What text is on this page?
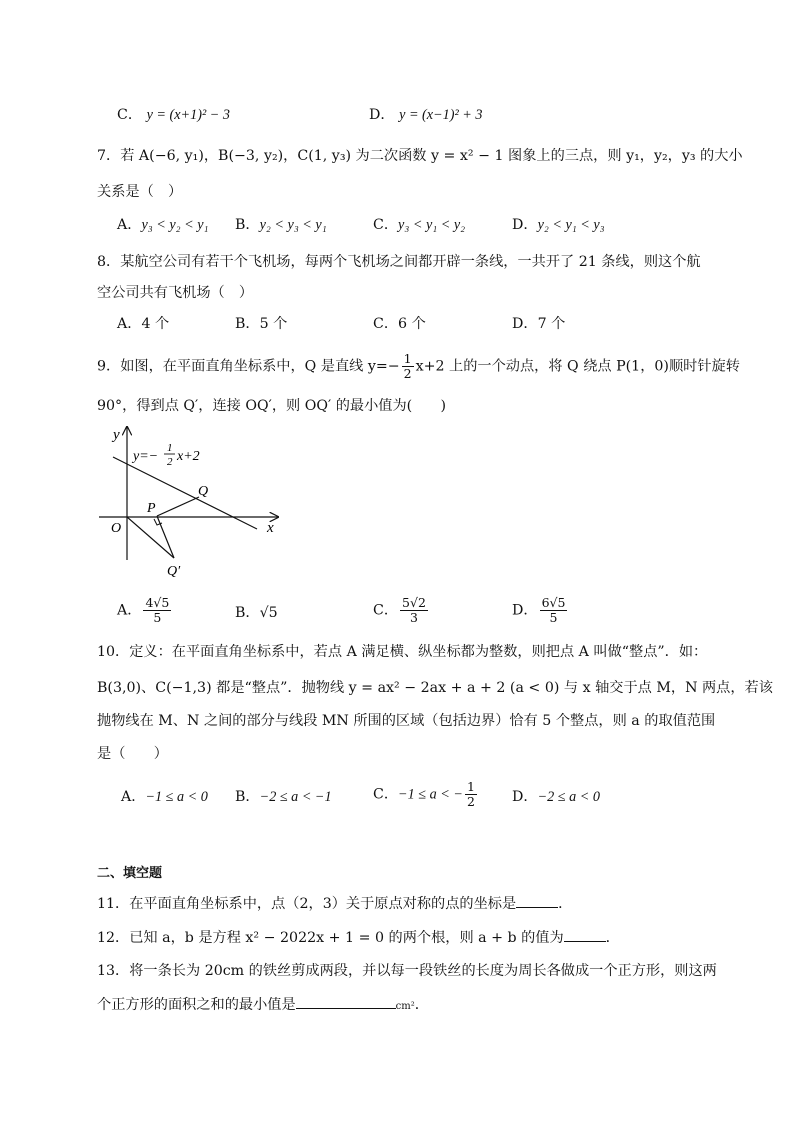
C． y = (x+1)² − 3	D． y = (x−1)² + 3
7．若 A(−6, y₁)，B(−3, y₂)，C(1, y₃) 为二次函数 y = x² − 1 图象上的三点，则 y₁，y₂，y₃ 的大小
关系是（　）
A．y₃ < y₂ < y₁ B．y₂ < y₃ < y₁	C．y₃ < y₁ < y₂	D．y₂ < y₁ < y₃
8．某航空公司有若干个飞机场，每两个飞机场之间都开辟一条线，一共开了 21 条线，则这个航
空公司共有飞机场（　）
A．4 个	B．5 个	C．6 个	D．7 个
9．如图，在平面直角坐标系中，Q 是直线 $y=- \frac{1}{2} x+2$ 上的一个动点，将 Q 绕点 P(1，0)顺时针旋转
90°，得到点 Q′，连接 OQ′，则 OQ′ 的最小值为(　　)
y
x
O
P
Q
Q′
y=−
1
2 x+2
A． $\frac{4√5}{5}$	B．√5	C． $\frac{5√2}{3}$	D． $\frac{6√5}{5}$
10．定义：在平面直角坐标系中，若点 A 满足横、纵坐标都为整数，则把点 A 叫做“整点”．如：
B(3,0)、C(−1,3) 都是“整点”．抛物线 y = ax² − 2ax + a + 2 (a < 0) 与 x 轴交于点 M，N 两点，若该
抛物线在 M、N 之间的部分与线段 MN 所围的区域（包括边界）恰有 5 个整点，则 a 的取值范围
是（　　）
A．−1 ≤ a < 0 B．−2 ≤ a < −1	C．−1 ≤ a < − $\frac{1}{2}$ D．−2 ≤ a < 0
二、填空题
11．在平面直角坐标系中，点（2，3）关于原点对称的点的坐标是	．
12．已知 a，b 是方程 x² − 2022x + 1 = 0 的两个根，则 a + b 的值为	．
13．将一条长为 20cm 的铁丝剪成两段，并以每一段铁丝的长度为周长各做成一个正方形，则这两
个正方形的面积之和的最小值是	cm²．
